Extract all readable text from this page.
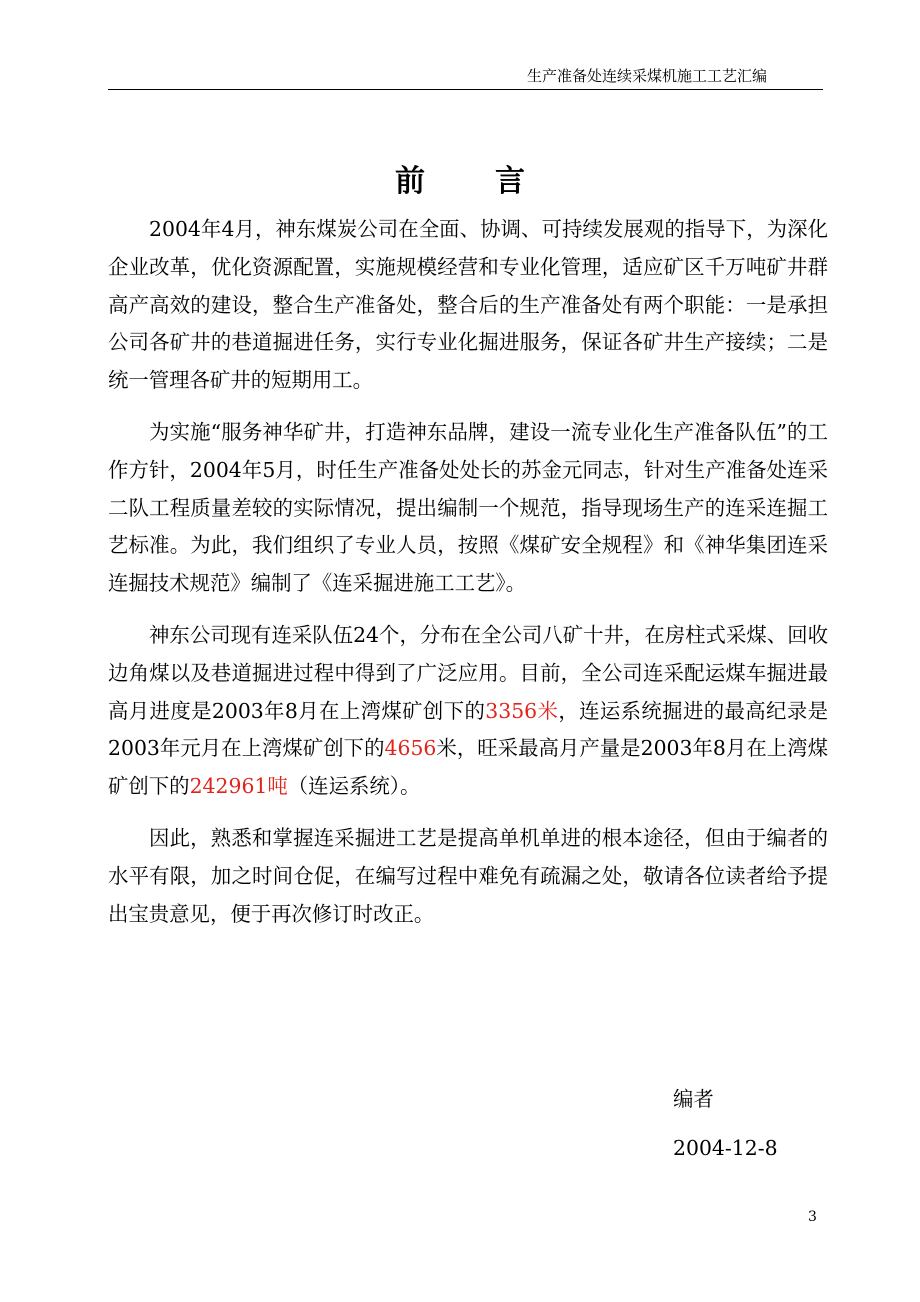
生产准备处连续采煤机施工工艺汇编
前言

2004年4月，神东煤炭公司在全面、协调、可持续发展观的指导下，为深化企业改革，优化资源配置，实施规模经营和专业化管理，适应矿区千万吨矿井群高产高效的建设，整合生产准备处，整合后的生产准备处有两个职能：一是承担公司各矿井的巷道掘进任务，实行专业化掘进服务，保证各矿井生产接续；二是统一管理各矿井的短期用工。

为实施“服务神华矿井，打造神东品牌，建设一流专业化生产准备队伍”的工作方针，2004年5月，时任生产准备处处长的苏金元同志，针对生产准备处连采二队工程质量差较的实际情况，提出编制一个规范，指导现场生产的连采连掘工艺标准。为此，我们组织了专业人员，按照《煤矿安全规程》和《神华集团连采连掘技术规范》编制了《连采掘进施工工艺》。

神东公司现有连采队伍24个，分布在全公司八矿十井，在房柱式采煤、回收边角煤以及巷道掘进过程中得到了广泛应用。目前，全公司连采配运煤车掘进最高月进度是2003年8月在上湾煤矿创下的3356米，连运系统掘进的最高纪录是2003年元月在上湾煤矿创下的4656米，旺采最高月产量是2003年8月在上湾煤矿创下的242961吨（连运系统）。

因此，熟悉和掌握连采掘进工艺是提高单机单进的根本途径，但由于编者的水平有限，加之时间仓促，在编写过程中难免有疏漏之处，敬请各位读者给予提出宝贵意见，便于再次修订时改正。

编者
2004-12-8
3
